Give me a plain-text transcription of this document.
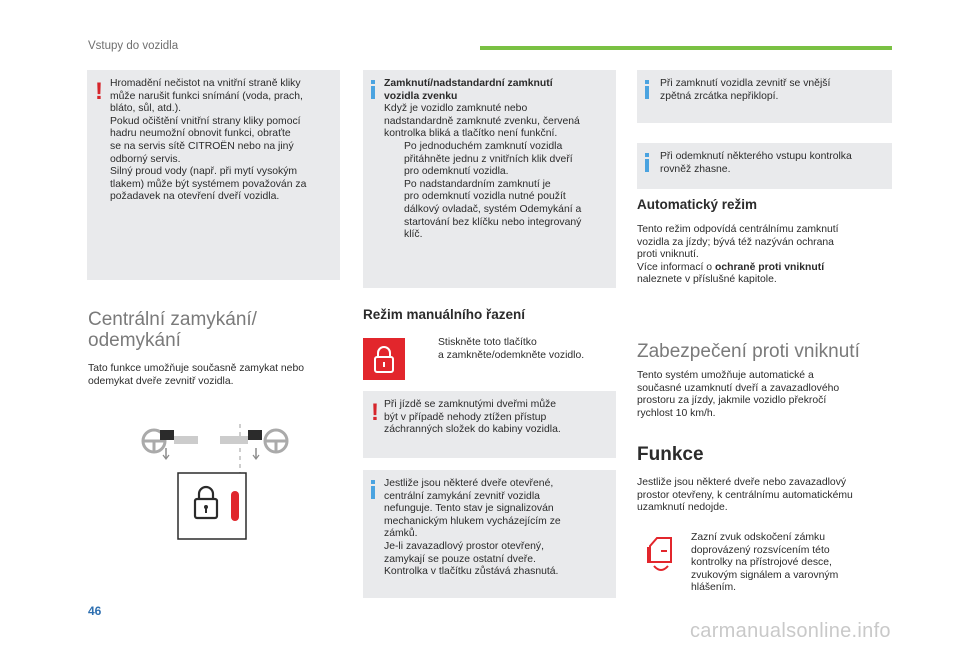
Vstupy do vozidla
! Hromadění nečistot na vnitřní straně kliky
může narušit funkci snímání (voda, prach,
bláto, sůl, atd.).
Pokud očištění vnitřní strany kliky pomocí
hadru neumožní obnovit funkci, obraťte
se na servis sítě CITROËN nebo na jiný
odborný servis.
Silný proud vody (např. při mytí vysokým
tlakem) může být systémem považován za
požadavek na otevření dveří vozidla.
Centrální zamykání/
odemykání
Tato funkce umožňuje současně zamykat nebo
odemykat dveře zevnitř vozidla.
Zamknutí/nadstandardní zamknutí
vozidla zvenku
Když je vozidlo zamknuté nebo
nadstandardně zamknuté zvenku, červená
kontrolka bliká a tlačítko není funkční.
Po jednoduchém zamknutí vozidla
přitáhněte jednu z vnitřních klik dveří
pro odemknutí vozidla.
Po nadstandardním zamknutí je
pro odemknutí vozidla nutné použít
dálkový ovladač, systém Odemykání a
startování bez klíčku nebo integrovaný
klíč.
Režim manuálního řazení
Stiskněte toto tlačítko
a zamkněte/odemkněte vozidlo.
! Při jízdě se zamknutými dveřmi může
být v případě nehody ztížen přístup
záchranných složek do kabiny vozidla.
Jestliže jsou některé dveře otevřené,
centrální zamykání zevnitř vozidla
nefunguje. Tento stav je signalizován
mechanickým hlukem vycházejícím ze
zámků.
Je-li zavazadlový prostor otevřený,
zamykají se pouze ostatní dveře.
Kontrolka v tlačítku zůstává zhasnutá.
Při zamknutí vozidla zevnitř se vnější
zpětná zrcátka nepřiklopí.
Při odemknutí některého vstupu kontrolka
rovněž zhasne.
Automatický režim
Tento režim odpovídá centrálnímu zamknutí
vozidla za jízdy; bývá též nazýván ochrana
proti vniknutí.
Více informací o ochraně proti vniknutí
naleznete v příslušné kapitole.
Zabezpečení proti vniknutí
Tento systém umožňuje automatické a
současné uzamknutí dveří a zavazadlového
prostoru za jízdy, jakmile vozidlo překročí
rychlost 10 km/h.
Funkce
Jestliže jsou některé dveře nebo zavazadlový
prostor otevřeny, k centrálnímu automatickému
uzamknutí nedojde.
Zazní zvuk odskočení zámku
doprovázený rozsvícením této
kontrolky na přístrojové desce,
zvukovým signálem a varovným
hlášením.
46
carmanualsonline.info
